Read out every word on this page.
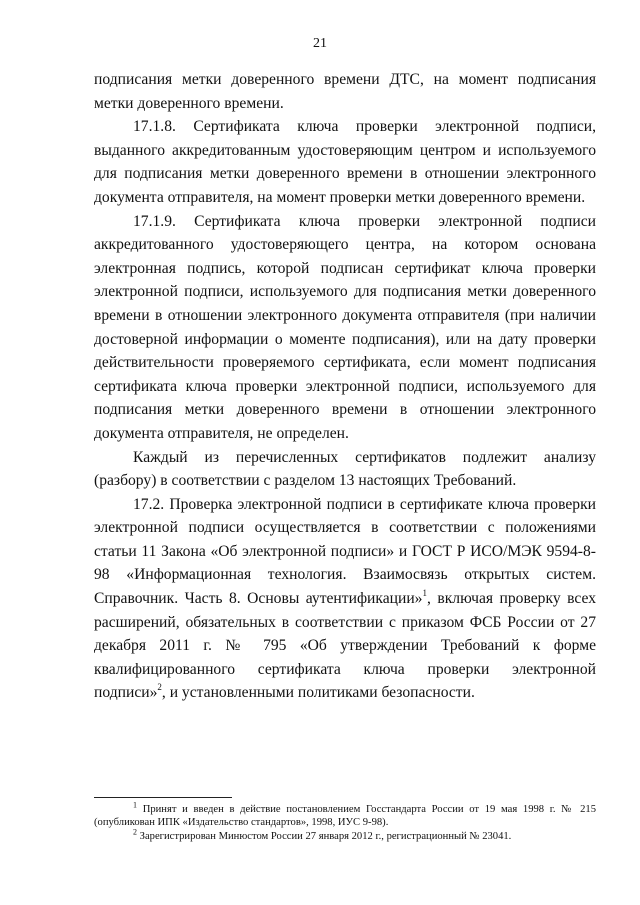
21

подписания метки доверенного времени ДТС, на момент подписания метки доверенного времени.

17.1.8. Сертификата ключа проверки электронной подписи, выданного аккредитованным удостоверяющим центром и используемого для подписания метки доверенного времени в отношении электронного документа отправителя, на момент проверки метки доверенного времени.

17.1.9. Сертификата ключа проверки электронной подписи аккредитованного удостоверяющего центра, на котором основана электронная подпись, которой подписан сертификат ключа проверки электронной подписи, используемого для подписания метки доверенного времени в отношении электронного документа отправителя (при наличии достоверной информации о моменте подписания), или на дату проверки действительности проверяемого сертификата, если момент подписания сертификата ключа проверки электронной подписи, используемого для подписания метки доверенного времени в отношении электронного документа отправителя, не определен.

Каждый из перечисленных сертификатов подлежит анализу (разбору) в соответствии с разделом 13 настоящих Требований.

17.2. Проверка электронной подписи в сертификате ключа проверки электронной подписи осуществляется в соответствии с положениями статьи 11 Закона «Об электронной подписи» и ГОСТ Р ИСО/МЭК 9594-8-98 «Информационная технология. Взаимосвязь открытых систем. Справочник. Часть 8. Основы аутентификации»$^1$, включая проверку всех расширений, обязательных в соответствии с приказом ФСБ России от 27 декабря 2011 г. № 795 «Об утверждении Требований к форме квалифицированного сертификата ключа проверки электронной подписи»$^2$, и установленными политиками безопасности.

$^1$ Принят и введен в действие постановлением Госстандарта России от 19 мая 1998 г. № 215 (опубликован ИПК «Издательство стандартов», 1998, ИУС 9-98).

$^2$ Зарегистрирован Минюстом России 27 января 2012 г., регистрационный № 23041.
